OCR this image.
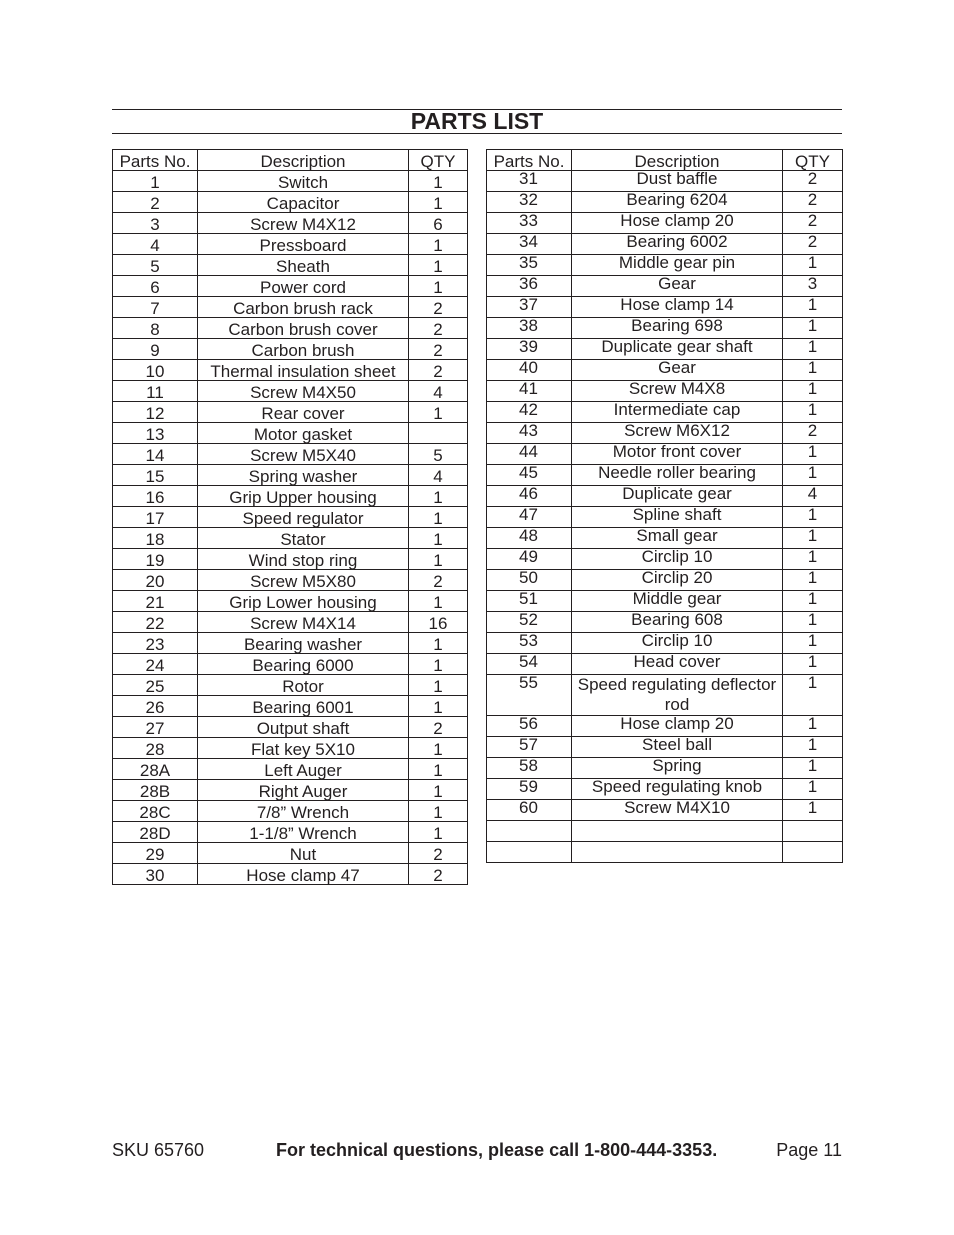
PARTS LIST
Parts No.	Description	QTY
1	Switch	1
2	Capacitor	1
3	Screw M4X12	6
4	Pressboard	1
5	Sheath	1
6	Power cord	1
7	Carbon brush rack	2
8	Carbon brush cover	2
9	Carbon brush	2
10	Thermal insulation sheet	2
11	Screw M4X50	4
12	Rear cover	1
13	Motor gasket	
14	Screw M5X40	5
15	Spring washer	4
16	Grip Upper housing	1
17	Speed regulator	1
18	Stator	1
19	Wind stop ring	1
20	Screw M5X80	2
21	Grip Lower housing	1
22	Screw M4X14	16
23	Bearing washer	1
24	Bearing 6000	1
25	Rotor	1
26	Bearing 6001	1
27	Output shaft	2
28	Flat key 5X10	1
28A	Left Auger	1
28B	Right Auger	1
28C	7/8” Wrench	1
28D	1-1/8” Wrench	1
29	Nut	2
30	Hose clamp 47	2
Parts No.	Description	QTY
31	Dust baffle	2
32	Bearing 6204	2
33	Hose clamp 20	2
34	Bearing 6002	2
35	Middle gear pin	1
36	Gear	3
37	Hose clamp 14	1
38	Bearing 698	1
39	Duplicate gear shaft	1
40	Gear	1
41	Screw M4X8	1
42	Intermediate cap	1
43	Screw M6X12	2
44	Motor front cover	1
45	Needle roller bearing	1
46	Duplicate gear	4
47	Spline shaft	1
48	Small gear	1
49	Circlip 10	1
50	Circlip 20	1
51	Middle gear	1
52	Bearing 608	1
53	Circlip 10	1
54	Head cover	1
55	Speed regulating deflector rod	1
56	Hose clamp 20	1
57	Steel ball	1
58	Spring	1
59	Speed regulating knob	1
60	Screw M4X10	1

SKU 65760	For technical questions, please call 1-800-444-3353.	Page 11
